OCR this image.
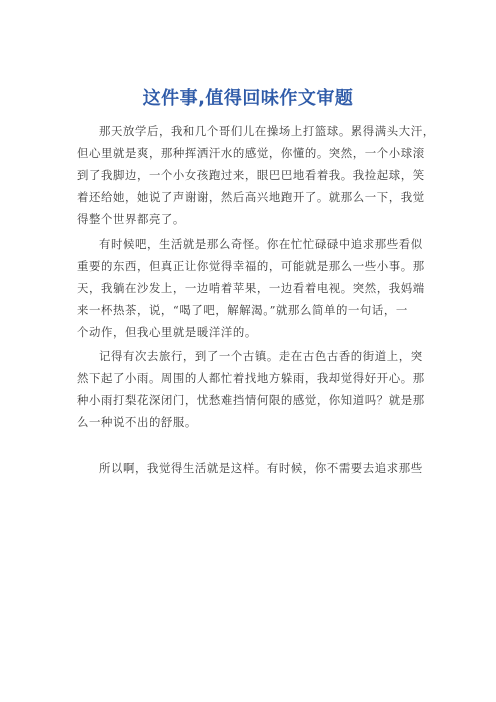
这件事,值得回味作文审题
那天放学后，我和几个哥们儿在操场上打篮球。累得满头大汗，
但心里就是爽，那种挥洒汗水的感觉，你懂的。突然，一个小球滚
到了我脚边，一个小女孩跑过来，眼巴巴地看着我。我捡起球，笑
着还给她，她说了声谢谢，然后高兴地跑开了。就那么一下，我觉
得整个世界都亮了。
有时候吧，生活就是那么奇怪。你在忙忙碌碌中追求那些看似
重要的东西，但真正让你觉得幸福的，可能就是那么一些小事。那
天，我躺在沙发上，一边啃着苹果，一边看着电视。突然，我妈端
来一杯热茶，说，“喝了吧，解解渴。”就那么简单的一句话，一
个动作，但我心里就是暖洋洋的。
记得有次去旅行，到了一个古镇。走在古色古香的街道上，突
然下起了小雨。周围的人都忙着找地方躲雨，我却觉得好开心。那
种小雨打梨花深闭门，忧愁难挡情何限的感觉，你知道吗？就是那
么一种说不出的舒服。
所以啊，我觉得生活就是这样。有时候，你不需要去追求那些
